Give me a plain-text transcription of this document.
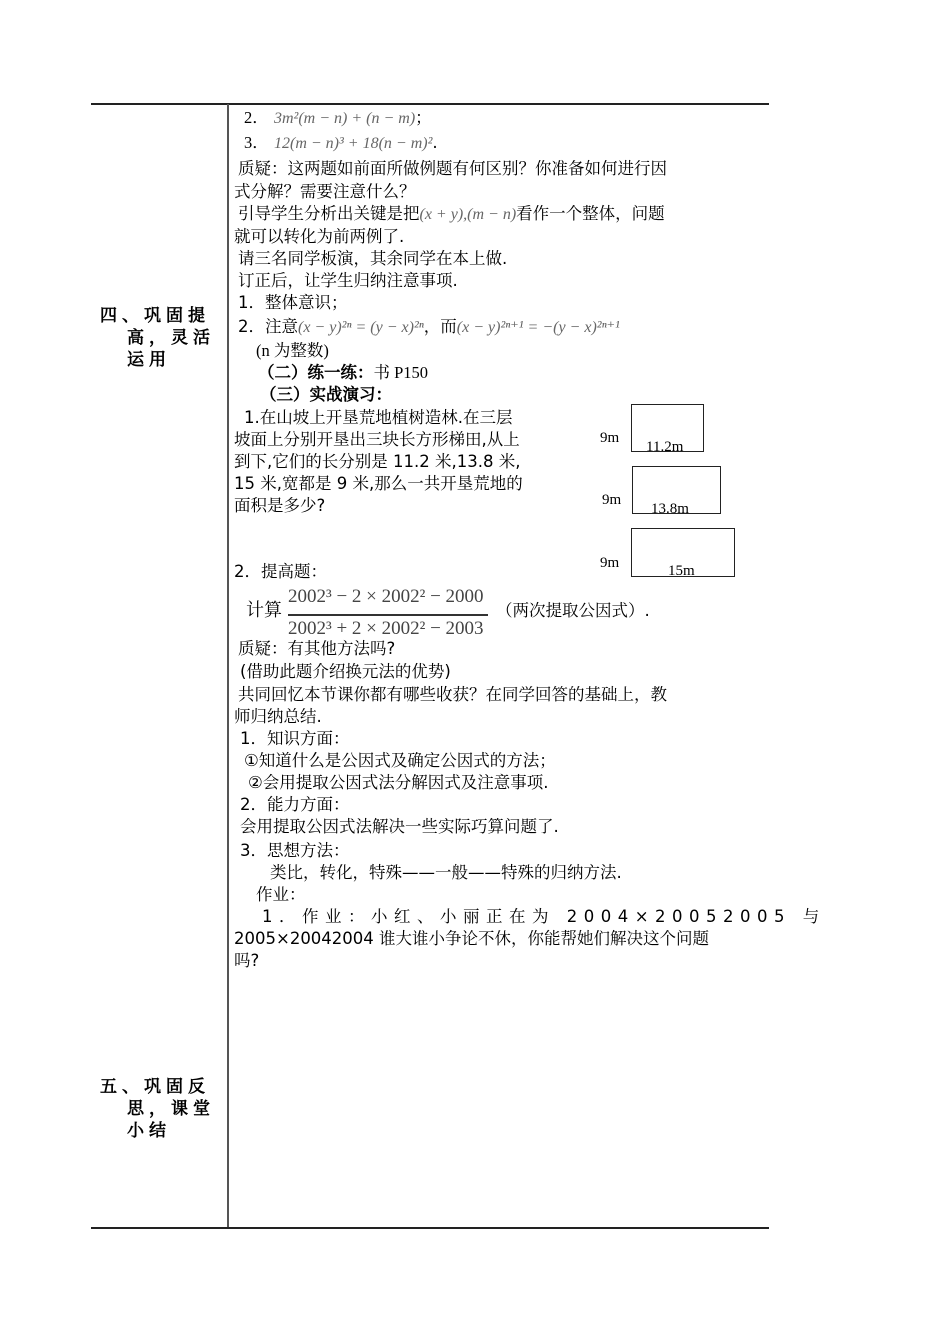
四、巩固提
高，灵活
运用
五、巩固反
思，课堂
小结
2． 3m²(m − n) + (n − m)；
3． 12(m − n)³ + 18(n − m)².
质疑：这两题如前面所做例题有何区别？你准备如何进行因
式分解？需要注意什么？
引导学生分析出关键是把(x + y),(m − n)看作一个整体，问题
就可以转化为前两例了.
请三名同学板演，其余同学在本上做.
订正后，让学生归纳注意事项.
1．整体意识；
2．注意(x − y)²ⁿ = (y − x)²ⁿ，而(x − y)²ⁿ⁺¹ = −(y − x)²ⁿ⁺¹
(n 为整数)
（二）练一练：书 P150
（三）实战演习：
1.在山坡上开垦荒地植树造林.在三层
坡面上分别开垦出三块长方形梯田,从上
到下,它们的长分别是 11.2 米,13.8 米,
15 米,宽都是 9 米,那么一共开垦荒地的
面积是多少?
2．提高题：
计算
2002³ − 2 × 2002² − 2000
2002³ + 2 × 2002² − 2003
（两次提取公因式）.
质疑：有其他方法吗?
(借助此题介绍换元法的优势)
共同回忆本节课你都有哪些收获？在同学回答的基础上，教
师归纳总结.
1．知识方面：
①知道什么是公因式及确定公因式的方法；
②会用提取公因式法分解因式及注意事项.
2．能力方面：
会用提取公因式法解决一些实际巧算问题了.
3．思想方法：
类比，转化，特殊——一般——特殊的归纳方法.
作业：
1．作业：小红、小丽正在为 2004×20052005 与
2005×20042004 谁大谁小争论不休，你能帮她们解决这个问题
吗?
9m
11.2m
9m
13.8m
9m	15m
